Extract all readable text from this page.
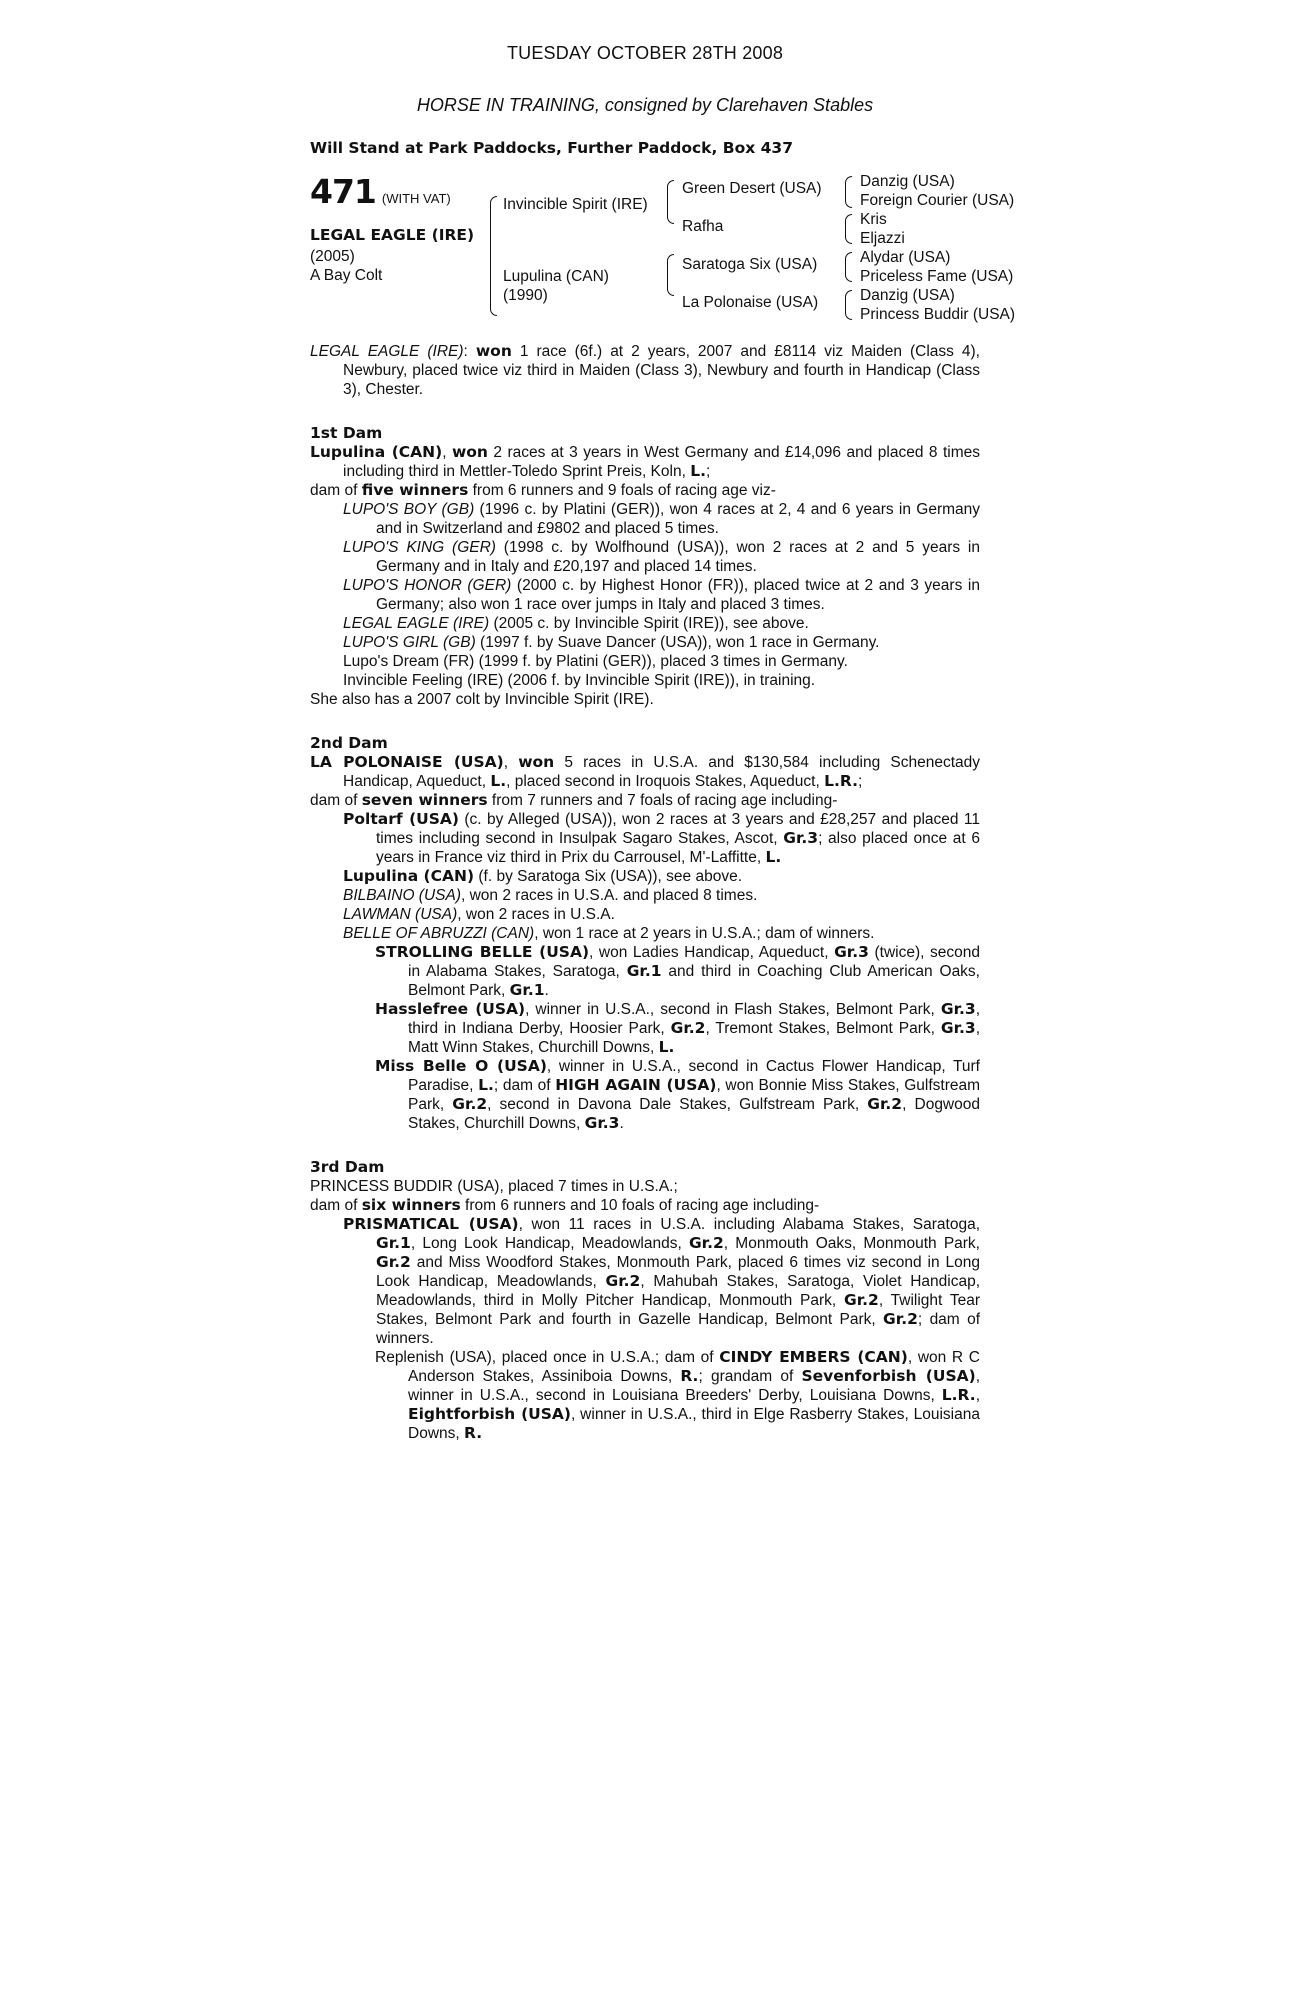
TUESDAY OCTOBER 28TH 2008
HORSE IN TRAINING, consigned by Clarehaven Stables
Will Stand at Park Paddocks, Further Paddock, Box 437
471 (WITH VAT)
LEGAL EAGLE (IRE)
(2005)
A Bay Colt
Invincible Spirit (IRE)
Lupulina (CAN)
(1990)
Green Desert (USA)
Rafha
Saratoga Six (USA)
La Polonaise (USA)
Danzig (USA)
Foreign Courier (USA)
Kris
Eljazzi
Alydar (USA)
Priceless Fame (USA)
Danzig (USA)
Princess Buddir (USA)

LEGAL EAGLE (IRE): won 1 race (6f.) at 2 years, 2007 and £8114 viz Maiden (Class 4), Newbury, placed twice viz third in Maiden (Class 3), Newbury and fourth in Handicap (Class 3), Chester.

1st Dam

Lupulina (CAN), won 2 races at 3 years in West Germany and £14,096 and placed 8 times including third in Mettler-Toledo Sprint Preis, Koln, L.;

dam of five winners from 6 runners and 9 foals of racing age viz-

LUPO'S BOY (GB) (1996 c. by Platini (GER)), won 4 races at 2, 4 and 6 years in Germany and in Switzerland and £9802 and placed 5 times.

LUPO'S KING (GER) (1998 c. by Wolfhound (USA)), won 2 races at 2 and 5 years in Germany and in Italy and £20,197 and placed 14 times.

LUPO'S HONOR (GER) (2000 c. by Highest Honor (FR)), placed twice at 2 and 3 years in Germany; also won 1 race over jumps in Italy and placed 3 times.

LEGAL EAGLE (IRE) (2005 c. by Invincible Spirit (IRE)), see above.

LUPO'S GIRL (GB) (1997 f. by Suave Dancer (USA)), won 1 race in Germany.

Lupo's Dream (FR) (1999 f. by Platini (GER)), placed 3 times in Germany.

Invincible Feeling (IRE) (2006 f. by Invincible Spirit (IRE)), in training.

She also has a 2007 colt by Invincible Spirit (IRE).

2nd Dam

LA POLONAISE (USA), won 5 races in U.S.A. and $130,584 including Schenectady Handicap, Aqueduct, L., placed second in Iroquois Stakes, Aqueduct, L.R.;

dam of seven winners from 7 runners and 7 foals of racing age including-

Poltarf (USA) (c. by Alleged (USA)), won 2 races at 3 years and £28,257 and placed 11 times including second in Insulpak Sagaro Stakes, Ascot, Gr.3; also placed once at 6 years in France viz third in Prix du Carrousel, M'-Laffitte, L.

Lupulina (CAN) (f. by Saratoga Six (USA)), see above.

BILBAINO (USA), won 2 races in U.S.A. and placed 8 times.

LAWMAN (USA), won 2 races in U.S.A.

BELLE OF ABRUZZI (CAN), won 1 race at 2 years in U.S.A.; dam of winners.

STROLLING BELLE (USA), won Ladies Handicap, Aqueduct, Gr.3 (twice), second in Alabama Stakes, Saratoga, Gr.1 and third in Coaching Club American Oaks, Belmont Park, Gr.1.

Hasslefree (USA), winner in U.S.A., second in Flash Stakes, Belmont Park, Gr.3, third in Indiana Derby, Hoosier Park, Gr.2, Tremont Stakes, Belmont Park, Gr.3, Matt Winn Stakes, Churchill Downs, L.

Miss Belle O (USA), winner in U.S.A., second in Cactus Flower Handicap, Turf Paradise, L.; dam of HIGH AGAIN (USA), won Bonnie Miss Stakes, Gulfstream Park, Gr.2, second in Davona Dale Stakes, Gulfstream Park, Gr.2, Dogwood Stakes, Churchill Downs, Gr.3.

3rd Dam

PRINCESS BUDDIR (USA), placed 7 times in U.S.A.;

dam of six winners from 6 runners and 10 foals of racing age including-

PRISMATICAL (USA), won 11 races in U.S.A. including Alabama Stakes, Saratoga, Gr.1, Long Look Handicap, Meadowlands, Gr.2, Monmouth Oaks, Monmouth Park, Gr.2 and Miss Woodford Stakes, Monmouth Park, placed 6 times viz second in Long Look Handicap, Meadowlands, Gr.2, Mahubah Stakes, Saratoga, Violet Handicap, Meadowlands, third in Molly Pitcher Handicap, Monmouth Park, Gr.2, Twilight Tear Stakes, Belmont Park and fourth in Gazelle Handicap, Belmont Park, Gr.2; dam of winners.

Replenish (USA), placed once in U.S.A.; dam of CINDY EMBERS (CAN), won R C Anderson Stakes, Assiniboia Downs, R.; grandam of Sevenforbish (USA), winner in U.S.A., second in Louisiana Breeders' Derby, Louisiana Downs, L.R., Eightforbish (USA), winner in U.S.A., third in Elge Rasberry Stakes, Louisiana Downs, R.
